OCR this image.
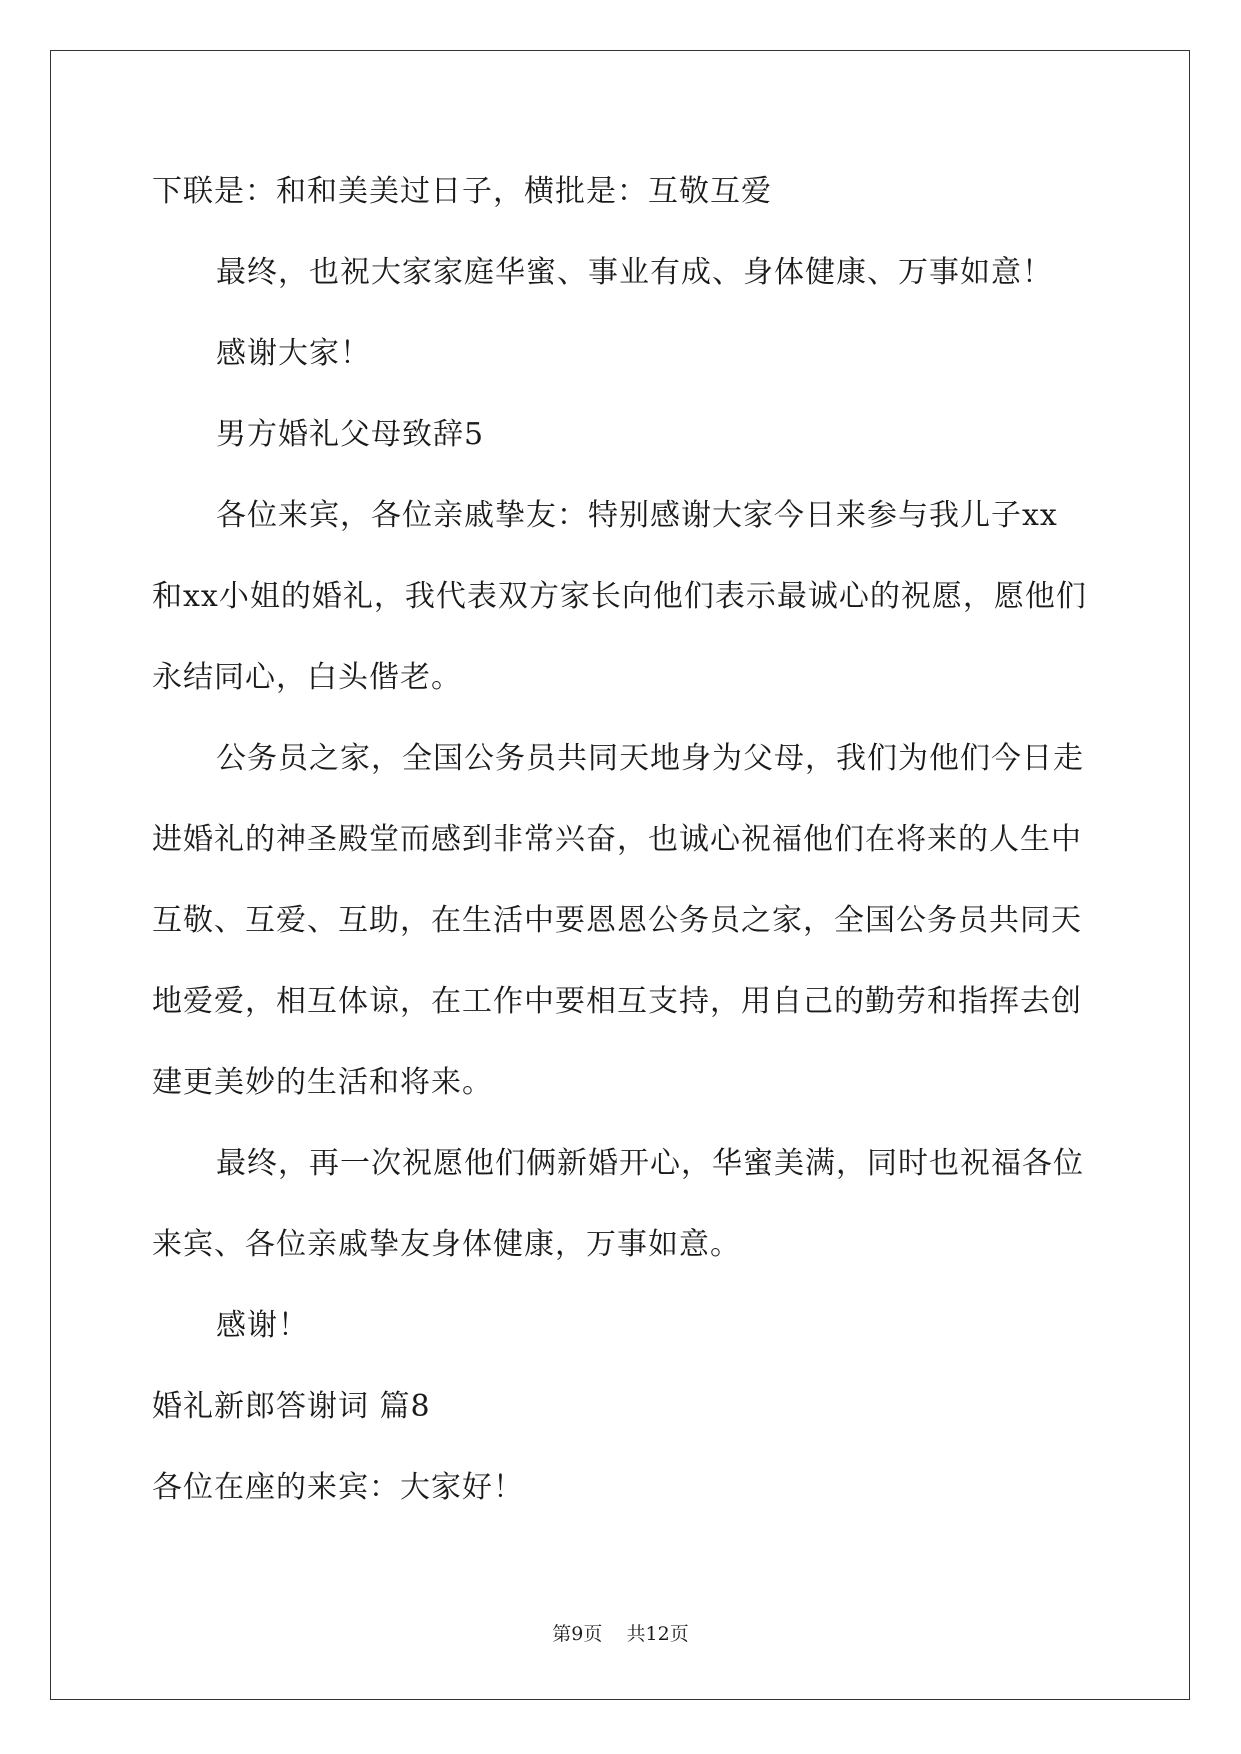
下联是：和和美美过日子，横批是：互敬互爱
最终，也祝大家家庭华蜜、事业有成、身体健康、万事如意！
感谢大家！
男方婚礼父母致辞5
各位来宾，各位亲戚挚友：特别感谢大家今日来参与我儿子xx
和xx小姐的婚礼，我代表双方家长向他们表示最诚心的祝愿，愿他们
永结同心，白头偕老。
公务员之家，全国公务员共同天地身为父母，我们为他们今日走
进婚礼的神圣殿堂而感到非常兴奋，也诚心祝福他们在将来的人生中
互敬、互爱、互助，在生活中要恩恩公务员之家，全国公务员共同天
地爱爱，相互体谅，在工作中要相互支持，用自己的勤劳和指挥去创
建更美妙的生活和将来。
最终，再一次祝愿他们俩新婚开心，华蜜美满，同时也祝福各位
来宾、各位亲戚挚友身体健康，万事如意。
感谢！
婚礼新郎答谢词 篇8
各位在座的来宾：大家好！
第9页    共12页
